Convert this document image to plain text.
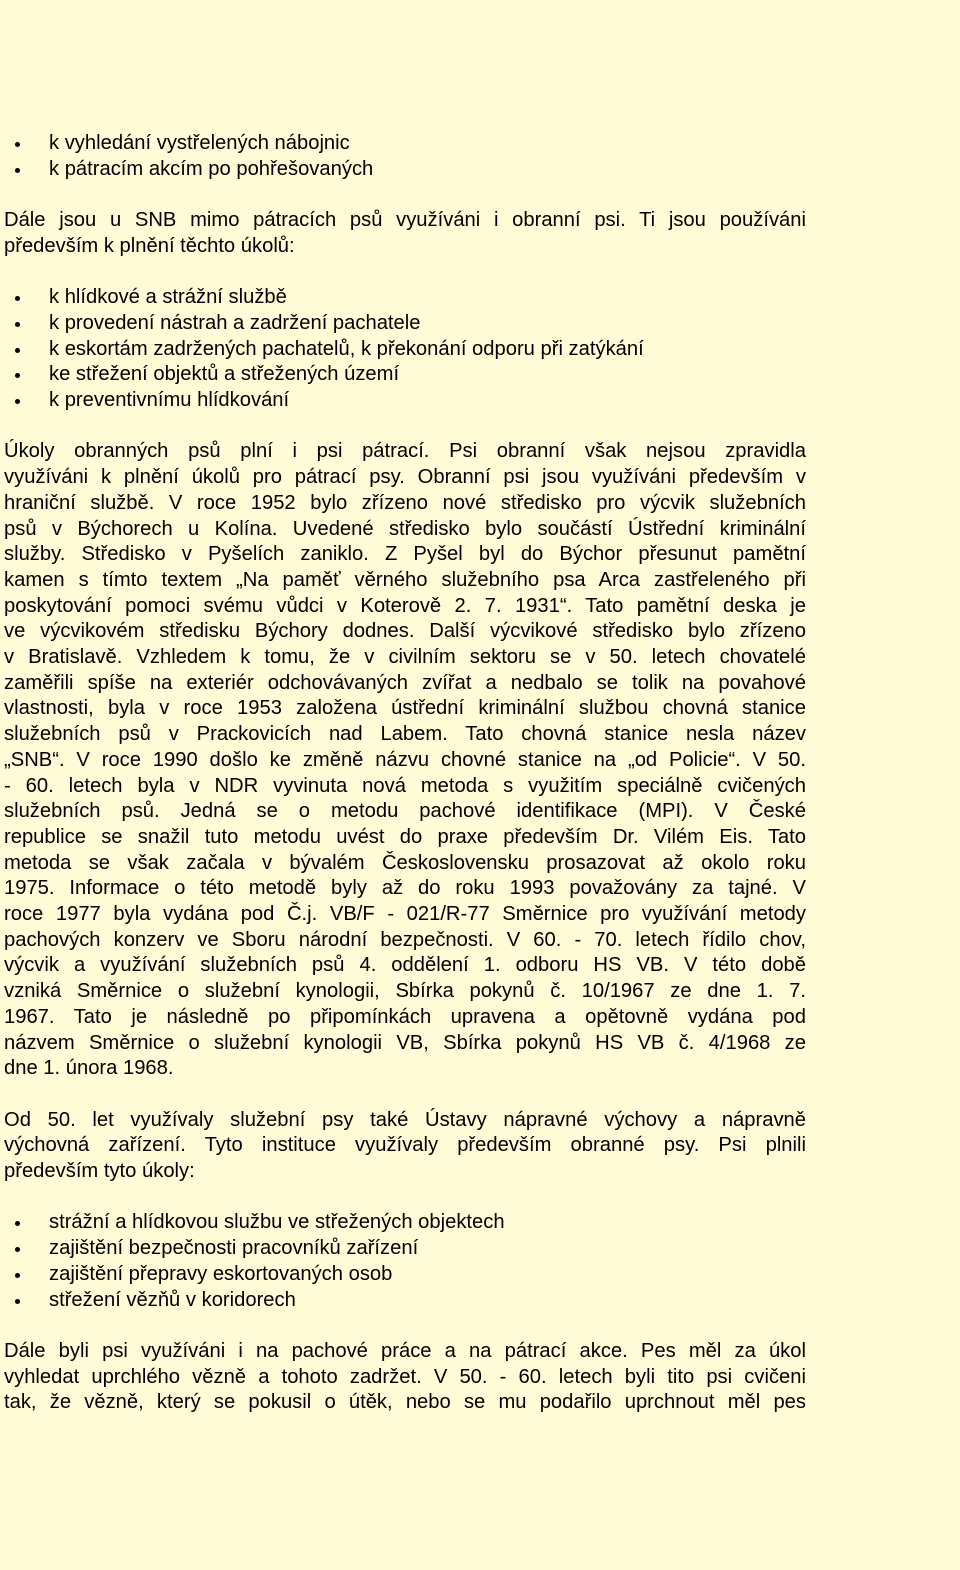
k vyhledání vystřelených nábojnic
k pátracím akcím po pohřešovaných

Dále jsou u SNB mimo pátracích psů využíváni i obranní psi. Ti jsou používáni
především k plnění těchto úkolů:

k hlídkové a strážní službě
k provedení nástrah a zadržení pachatele
k eskortám zadržených pachatelů, k překonání odporu při zatýkání
ke střežení objektů a střežených území
k preventivnímu hlídkování

Úkoly obranných psů plní i psi pátrací. Psi obranní však nejsou zpravidla
využíváni k plnění úkolů pro pátrací psy. Obranní psi jsou využíváni především v
hraniční službě. V roce 1952 bylo zřízeno nové středisko pro výcvik služebních
psů v Býchorech u Kolína. Uvedené středisko bylo součástí Ústřední kriminální
služby. Středisko v Pyšelích zaniklo. Z Pyšel byl do Býchor přesunut pamětní
kamen s tímto textem „Na paměť věrného služebního psa Arca zastřeleného při
poskytování pomoci svému vůdci v Koterově 2. 7. 1931“. Tato pamětní deska je
ve výcvikovém středisku Býchory dodnes. Další výcvikové středisko bylo zřízeno
v Bratislavě. Vzhledem k tomu, že v civilním sektoru se v 50. letech chovatelé
zaměřili spíše na exteriér odchovávaných zvířat a nedbalo se tolik na povahové
vlastnosti, byla v roce 1953 založena ústřední kriminální službou chovná stanice
služebních psů v Prackovicích nad Labem. Tato chovná stanice nesla název
„SNB“. V roce 1990 došlo ke změně názvu chovné stanice na „od Policie“. V 50.
- 60. letech byla v NDR vyvinuta nová metoda s využitím speciálně cvičených
služebních psů. Jedná se o metodu pachové identifikace (MPI). V České
republice se snažil tuto metodu uvést do praxe především Dr. Vilém Eis. Tato
metoda se však začala v bývalém Československu prosazovat až okolo roku
1975. Informace o této metodě byly až do roku 1993 považovány za tajné. V
roce 1977 byla vydána pod Č.j. VB/F - 021/R-77 Směrnice pro využívání metody
pachových konzerv ve Sboru národní bezpečnosti. V 60. - 70. letech řídilo chov,
výcvik a využívání služebních psů 4. oddělení 1. odboru HS VB. V této době
vzniká Směrnice o služební kynologii, Sbírka pokynů č. 10/1967 ze dne 1. 7.
1967. Tato je následně po připomínkách upravena a opětovně vydána pod
názvem Směrnice o služební kynologii VB, Sbírka pokynů HS VB č. 4/1968 ze
dne 1. února 1968.

Od 50. let využívaly služební psy také Ústavy nápravné výchovy a nápravně
výchovná zařízení. Tyto instituce využívaly především obranné psy. Psi plnili
především tyto úkoly:

strážní a hlídkovou službu ve střežených objektech
zajištění bezpečnosti pracovníků zařízení
zajištění přepravy eskortovaných osob
střežení vězňů v koridorech

Dále byli psi využíváni i na pachové práce a na pátrací akce. Pes měl za úkol
vyhledat uprchlého vězně a tohoto zadržet. V 50. - 60. letech byli tito psi cvičeni
tak, že vězně, který se pokusil o útěk, nebo se mu podařilo uprchnout měl pes
